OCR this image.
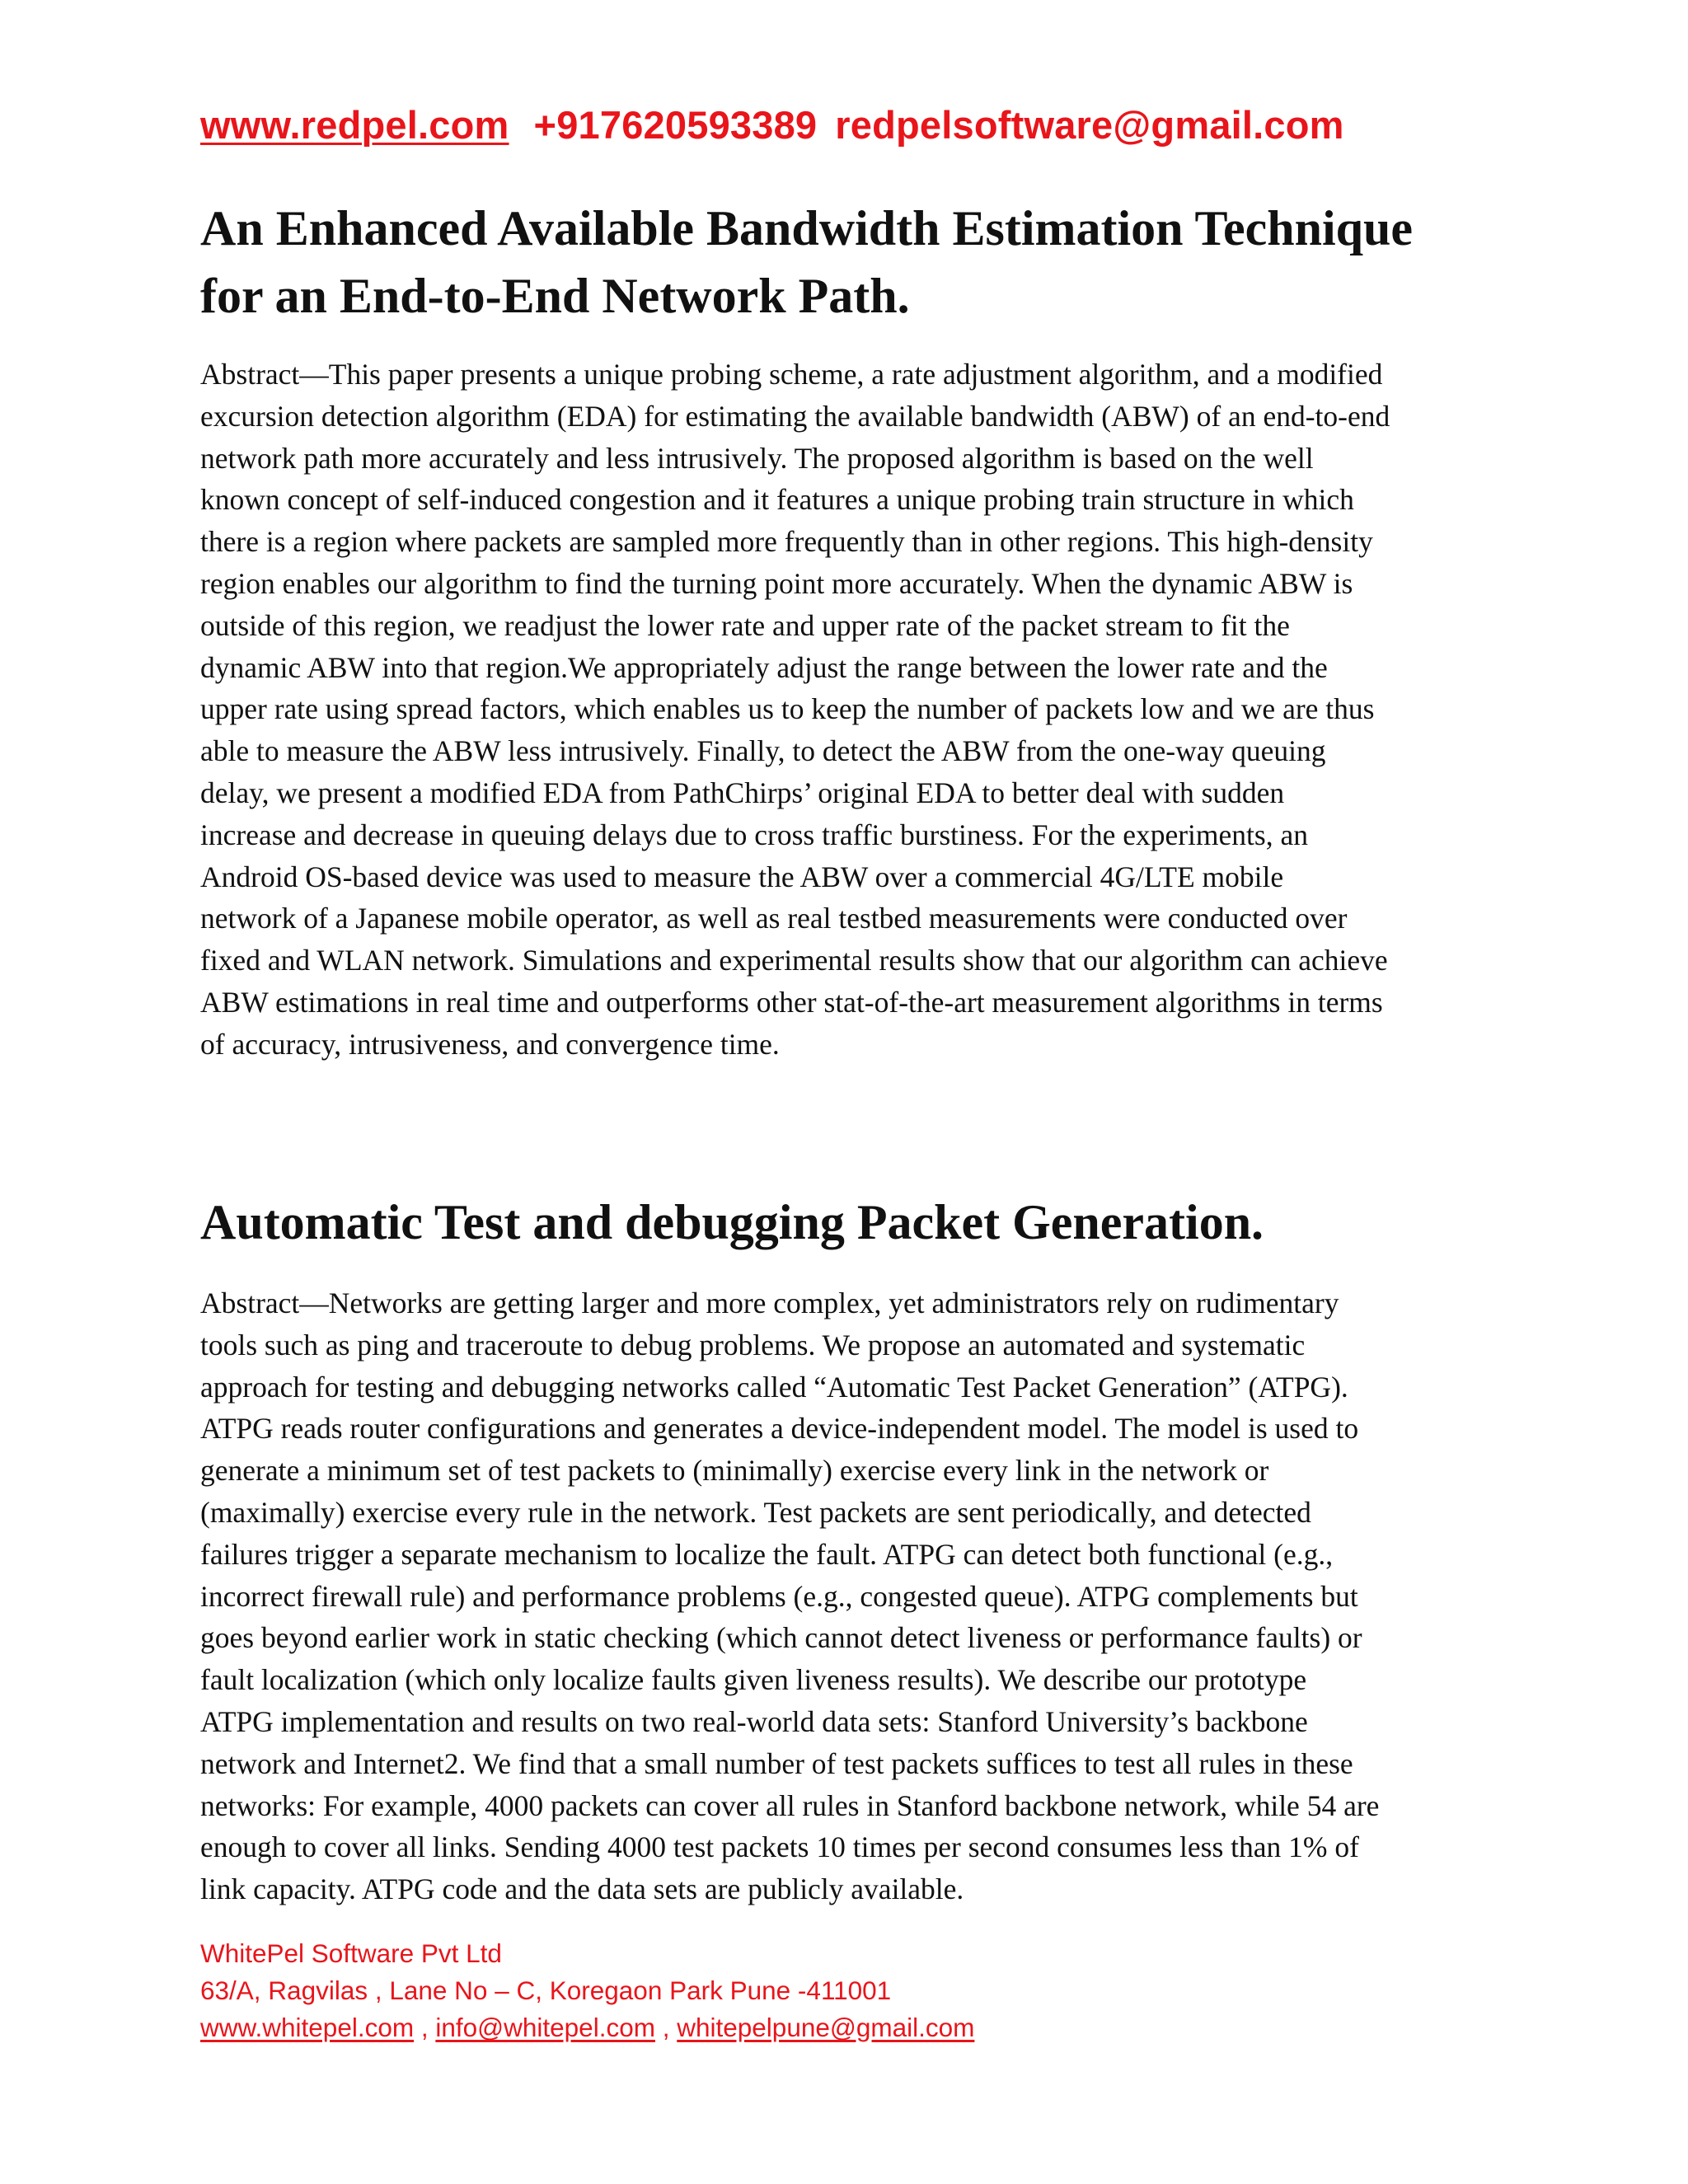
www.redpel.com +917620593389 redpelsoftware@gmail.com
An Enhanced Available Bandwidth Estimation Technique
for an End-to-End Network Path.
Abstract—This paper presents a unique probing scheme, a rate adjustment algorithm, and a modified
excursion detection algorithm (EDA) for estimating the available bandwidth (ABW) of an end-to-end
network path more accurately and less intrusively. The proposed algorithm is based on the well
known concept of self-induced congestion and it features a unique probing train structure in which
there is a region where packets are sampled more frequently than in other regions. This high-density
region enables our algorithm to find the turning point more accurately. When the dynamic ABW is
outside of this region, we readjust the lower rate and upper rate of the packet stream to fit the
dynamic ABW into that region.We appropriately adjust the range between the lower rate and the
upper rate using spread factors, which enables us to keep the number of packets low and we are thus
able to measure the ABW less intrusively. Finally, to detect the ABW from the one-way queuing
delay, we present a modified EDA from PathChirps’ original EDA to better deal with sudden
increase and decrease in queuing delays due to cross traffic burstiness. For the experiments, an
Android OS-based device was used to measure the ABW over a commercial 4G/LTE mobile
network of a Japanese mobile operator, as well as real testbed measurements were conducted over
fixed and WLAN network. Simulations and experimental results show that our algorithm can achieve
ABW estimations in real time and outperforms other stat-of-the-art measurement algorithms in terms
of accuracy, intrusiveness, and convergence time.
Automatic Test and debugging Packet Generation.
Abstract—Networks are getting larger and more complex, yet administrators rely on rudimentary
tools such as ping and traceroute to debug problems. We propose an automated and systematic
approach for testing and debugging networks called “Automatic Test Packet Generation” (ATPG).
ATPG reads router configurations and generates a device-independent model. The model is used to
generate a minimum set of test packets to (minimally) exercise every link in the network or
(maximally) exercise every rule in the network. Test packets are sent periodically, and detected
failures trigger a separate mechanism to localize the fault. ATPG can detect both functional (e.g.,
incorrect firewall rule) and performance problems (e.g., congested queue). ATPG complements but
goes beyond earlier work in static checking (which cannot detect liveness or performance faults) or
fault localization (which only localize faults given liveness results). We describe our prototype
ATPG implementation and results on two real-world data sets: Stanford University’s backbone
network and Internet2. We find that a small number of test packets suffices to test all rules in these
networks: For example, 4000 packets can cover all rules in Stanford backbone network, while 54 are
enough to cover all links. Sending 4000 test packets 10 times per second consumes less than 1% of
link capacity. ATPG code and the data sets are publicly available.
WhitePel Software Pvt Ltd
63/A, Ragvilas , Lane No – C, Koregaon Park Pune -411001
www.whitepel.com , info@whitepel.com , whitepelpune@gmail.com
